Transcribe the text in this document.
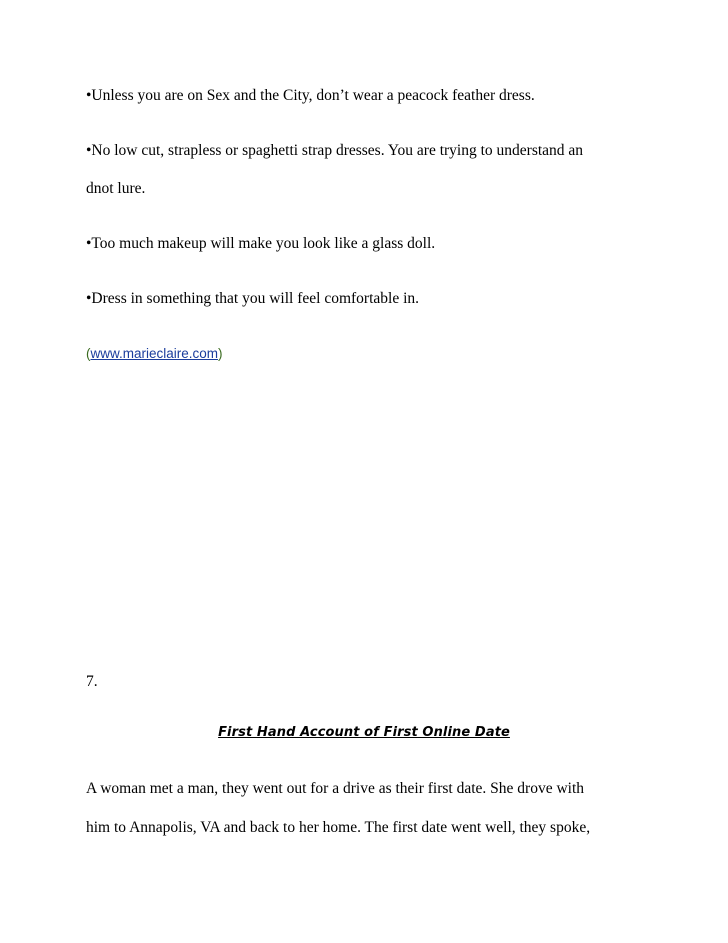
•Unless you are on Sex and the City, don’t wear a peacock feather dress.
•No low cut, strapless or spaghetti strap dresses. You are trying to understand an
dnot lure.
•Too much makeup will make you look like a glass doll.
•Dress in something that you will feel comfortable in.
(www.marieclaire.com)
7.
First Hand Account of First Online Date
A woman met a man, they went out for a drive as their first date. She drove with
him to Annapolis, VA and back to her home. The first date went well, they spoke,
